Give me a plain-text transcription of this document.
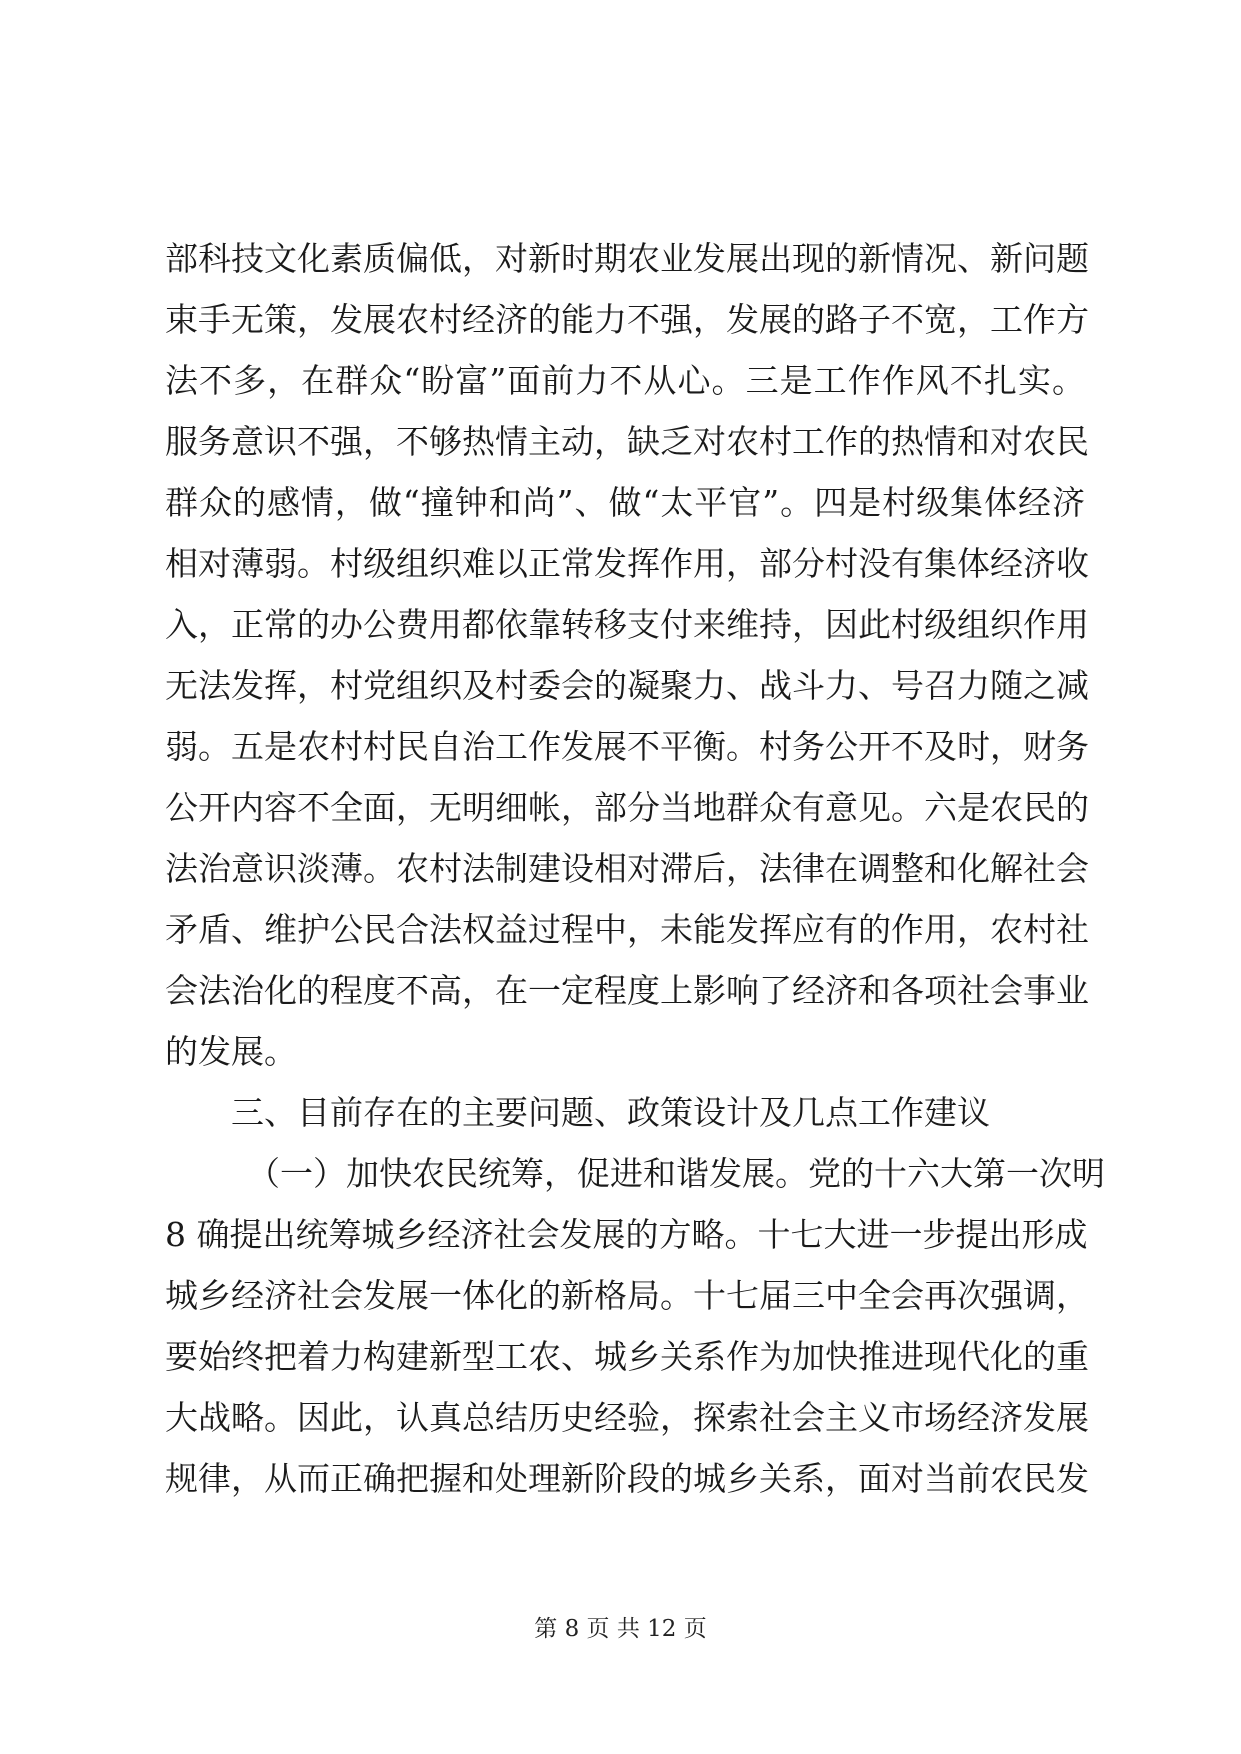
部科技文化素质偏低，对新时期农业发展出现的新情况、新问题
束手无策，发展农村经济的能力不强，发展的路子不宽，工作方
法不多，在群众“盼富”面前力不从心。三是工作作风不扎实。
服务意识不强，不够热情主动，缺乏对农村工作的热情和对农民
群众的感情，做“撞钟和尚”、做“太平官”。四是村级集体经济
相对薄弱。村级组织难以正常发挥作用，部分村没有集体经济收
入，正常的办公费用都依靠转移支付来维持，因此村级组织作用
无法发挥，村党组织及村委会的凝聚力、战斗力、号召力随之减
弱。五是农村村民自治工作发展不平衡。村务公开不及时，财务
公开内容不全面，无明细帐，部分当地群众有意见。六是农民的
法治意识淡薄。农村法制建设相对滞后，法律在调整和化解社会
矛盾、维护公民合法权益过程中，未能发挥应有的作用，农村社
会法治化的程度不高，在一定程度上影响了经济和各项社会事业
的发展。
三、目前存在的主要问题、政策设计及几点工作建议
（一）加快农民统筹，促进和谐发展。党的十六大第一次明
8 确提出统筹城乡经济社会发展的方略。十七大进一步提出形成
城乡经济社会发展一体化的新格局。十七届三中全会再次强调，
要始终把着力构建新型工农、城乡关系作为加快推进现代化的重
大战略。因此，认真总结历史经验，探索社会主义市场经济发展
规律，从而正确把握和处理新阶段的城乡关系，面对当前农民发
第 8 页 共 12 页
